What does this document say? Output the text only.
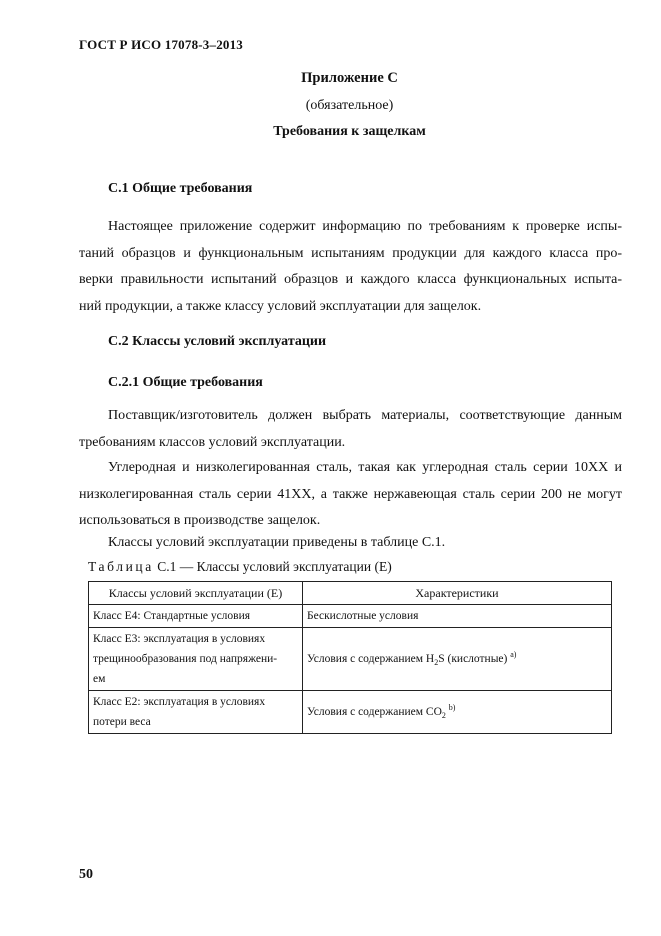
ГОСТ Р ИСО 17078-3–2013
Приложение С
(обязательное)
Требования к защелкам
С.1 Общие требования

Настоящее приложение содержит информацию по требованиям к проверке испы-

таний образцов и функциональным испытаниям продукции для каждого класса про-

верки правильности испытаний образцов и каждого класса функциональных испыта-

ний продукции, а также классу условий эксплуатации для защелок.

С.2 Классы условий эксплуатации
С.2.1 Общие требования

Поставщик/изготовитель должен выбрать материалы, соответствующие данным

требованиям классов условий эксплуатации.

Углеродная и низколегированная сталь, такая как углеродная сталь серии 10ХХ и

низколегированная сталь серии 41ХХ, а также нержавеющая сталь серии 200 не могут

использоваться в производстве защелок.

Классы условий эксплуатации приведены в таблице С.1.

Таблица С.1 — Классы условий эксплуатации (Е)
Классы условий эксплуатации (Е)	Характеристики

Класс Е4: Стандартные условия	Бескислотные условия

Класс Е3: эксплуатация в условиях
трещинообразования под напряжени-
ем	Условия с содержанием $H_2S$ (кислотные) $^{a)}$

Класс Е2: эксплуатация в условиях
потери веса	Условия с содержанием $CO_2$ $^{b)}$
50
